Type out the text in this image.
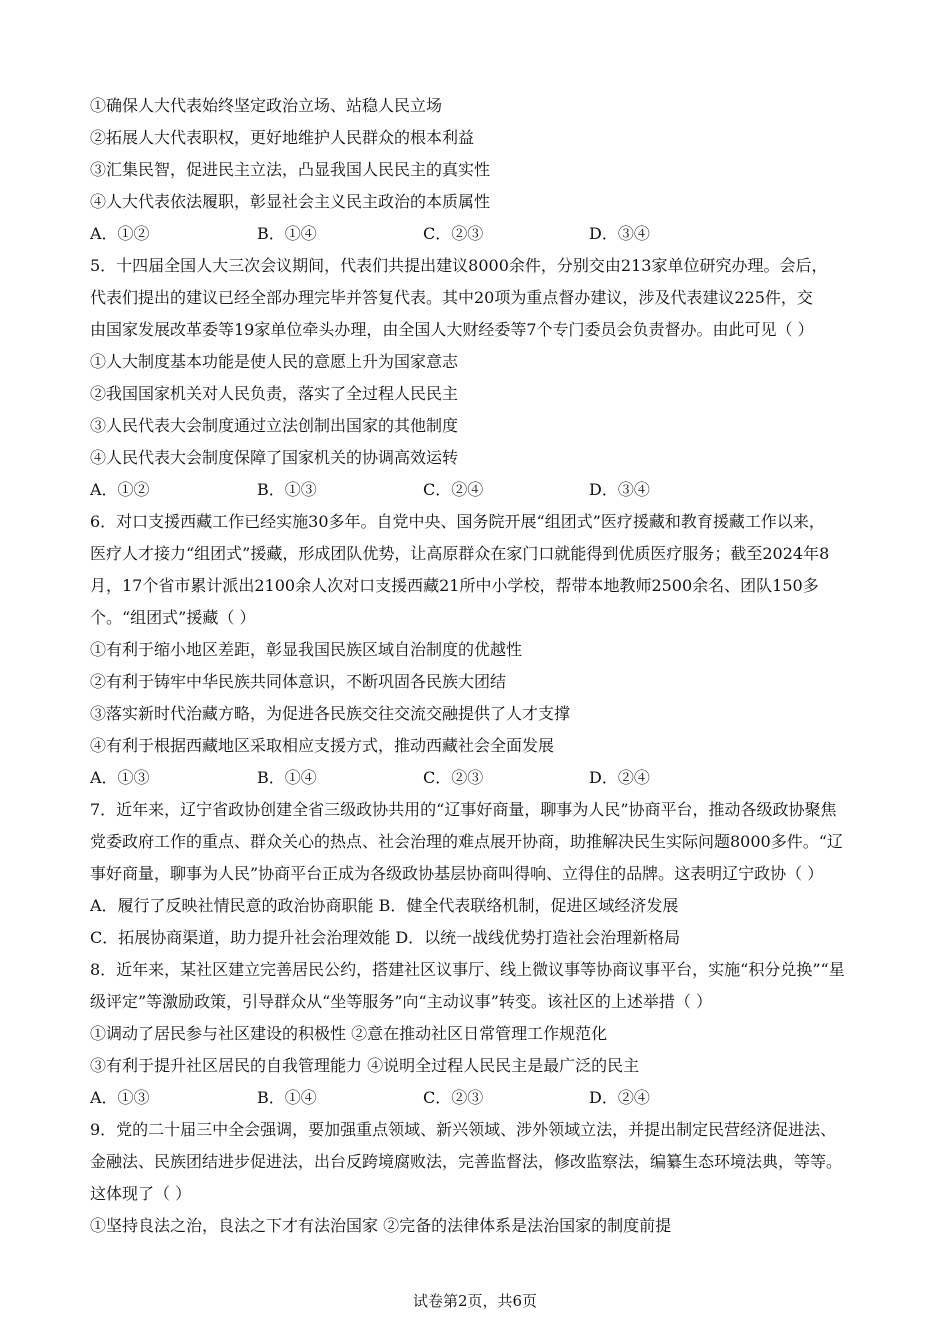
①确保人大代表始终坚定政治立场、站稳人民立场
②拓展人大代表职权，更好地维护人民群众的根本利益
③汇集民智，促进民主立法，凸显我国人民民主的真实性
④人大代表依法履职，彰显社会主义民主政治的本质属性
A．①②	B．①④	C．②③	D．③④
5．十四届全国人大三次会议期间，代表们共提出建议8000余件，分别交由213家单位研究办理。会后，
代表们提出的建议已经全部办理完毕并答复代表。其中20项为重点督办建议，涉及代表建议225件，交
由国家发展改革委等19家单位牵头办理，由全国人大财经委等7个专门委员会负责督办。由此可见（ ）
①人大制度基本功能是使人民的意愿上升为国家意志
②我国国家机关对人民负责，落实了全过程人民民主
③人民代表大会制度通过立法创制出国家的其他制度
④人民代表大会制度保障了国家机关的协调高效运转
A．①②	B．①③	C．②④	D．③④
6．对口支援西藏工作已经实施30多年。自党中央、国务院开展“组团式”医疗援藏和教育援藏工作以来，
医疗人才接力“组团式”援藏，形成团队优势，让高原群众在家门口就能得到优质医疗服务；截至2024年8
月，17个省市累计派出2100余人次对口支援西藏21所中小学校，帮带本地教师2500余名、团队150多
个。“组团式”援藏（ ）
①有利于缩小地区差距，彰显我国民族区域自治制度的优越性
②有利于铸牢中华民族共同体意识，不断巩固各民族大团结
③落实新时代治藏方略，为促进各民族交往交流交融提供了人才支撑
④有利于根据西藏地区采取相应支援方式，推动西藏社会全面发展
A．①③	B．①④	C．②③	D．②④
7．近年来，辽宁省政协创建全省三级政协共用的“辽事好商量，聊事为人民”协商平台，推动各级政协聚焦
党委政府工作的重点、群众关心的热点、社会治理的难点展开协商，助推解决民生实际问题8000多件。“辽
事好商量，聊事为人民”协商平台正成为各级政协基层协商叫得响、立得住的品牌。这表明辽宁政协（ ）
A．履行了反映社情民意的政治协商职能 B．健全代表联络机制，促进区域经济发展
C．拓展协商渠道，助力提升社会治理效能 D．以统一战线优势打造社会治理新格局
8．近年来，某社区建立完善居民公约，搭建社区议事厅、线上微议事等协商议事平台，实施“积分兑换”“星
级评定”等激励政策，引导群众从“坐等服务”向“主动议事”转变。该社区的上述举措（ ）
①调动了居民参与社区建设的积极性 ②意在推动社区日常管理工作规范化
③有利于提升社区居民的自我管理能力 ④说明全过程人民民主是最广泛的民主
A．①③	B．①④	C．②③	D．②④
9．党的二十届三中全会强调，要加强重点领域、新兴领域、涉外领域立法，并提出制定民营经济促进法、
金融法、民族团结进步促进法，出台反跨境腐败法，完善监督法，修改监察法，编纂生态环境法典，等等。
这体现了（ ）
①坚持良法之治，良法之下才有法治国家 ②完备的法律体系是法治国家的制度前提
试卷第2页，共6页
